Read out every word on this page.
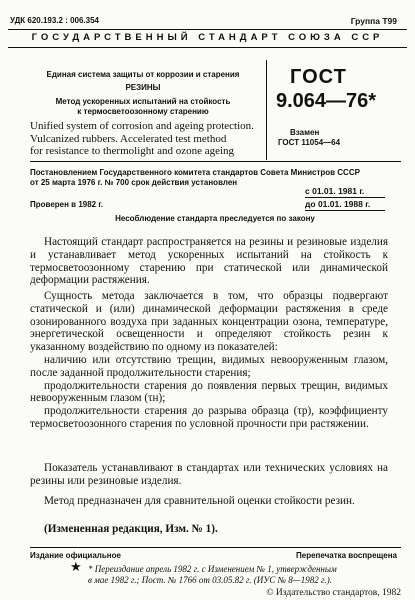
УДК 620.193.2 : 006.354	Группа Т99
ГОСУДАРСТВЕННЫЙ СТАНДАРТ СОЮЗА ССР
Единая система защиты от коррозии и старения
РЕЗИНЫ
Метод ускоренных испытаний на стойкость
к термосветоозонному старению
Unified system of corrosion and ageing protection.
Vulcanized rubbers. Accelerated test method
for resistance to thermolight and ozone ageing
ГОСТ
9.064—76*
Взамен
ГОСТ 11054—64
Постановлением Государственного комитета стандартов Совета Министров СССР
от 25 марта 1976 г. № 700 срок действия установлен
с 01.01. 1981 г.
до 01.01. 1988 г.
Проверен в 1982 г.
Несоблюдение стандарта преследуется по закону

Настоящий стандарт распространяется на резины и резиновые изделия и устанавливает метод ускоренных испытаний на стойкость к термосветоозонному старению при статической или динамической деформации растяжения.

Сущность метода заключается в том, что образцы подвергают статической и (или) динамической деформации растяжения в среде озонированного воздуха при заданных концентрации озона, температуре, энергетической освещенности и определяют стойкость резин к указанному воздействию по одному из показателей:

наличию или отсутствию трещин, видимых невооруженным глазом, после заданной продолжительности старения;

продолжительности старения до появления первых трещин, видимых невооруженным глазом (τн);

продолжительности старения до разрыва образца (τр), коэффициенту термосветоозонного старения по условной прочности при растяжении.

Показатель устанавливают в стандартах или технических условиях на резины или резиновые изделия.

Метод предназначен для сравнительной оценки стойкости резин.

(Измененная редакция, Изм. № 1).

Издание официальное	Перепечатка воспрещена
★ * Переиздание апрель 1982 г. с Изменением № 1, утвержденным
в мае 1982 г.; Пост. № 1766 от 03.05.82 г. (ИУС № 8—1982 г.).
© Издательство стандартов, 1982
